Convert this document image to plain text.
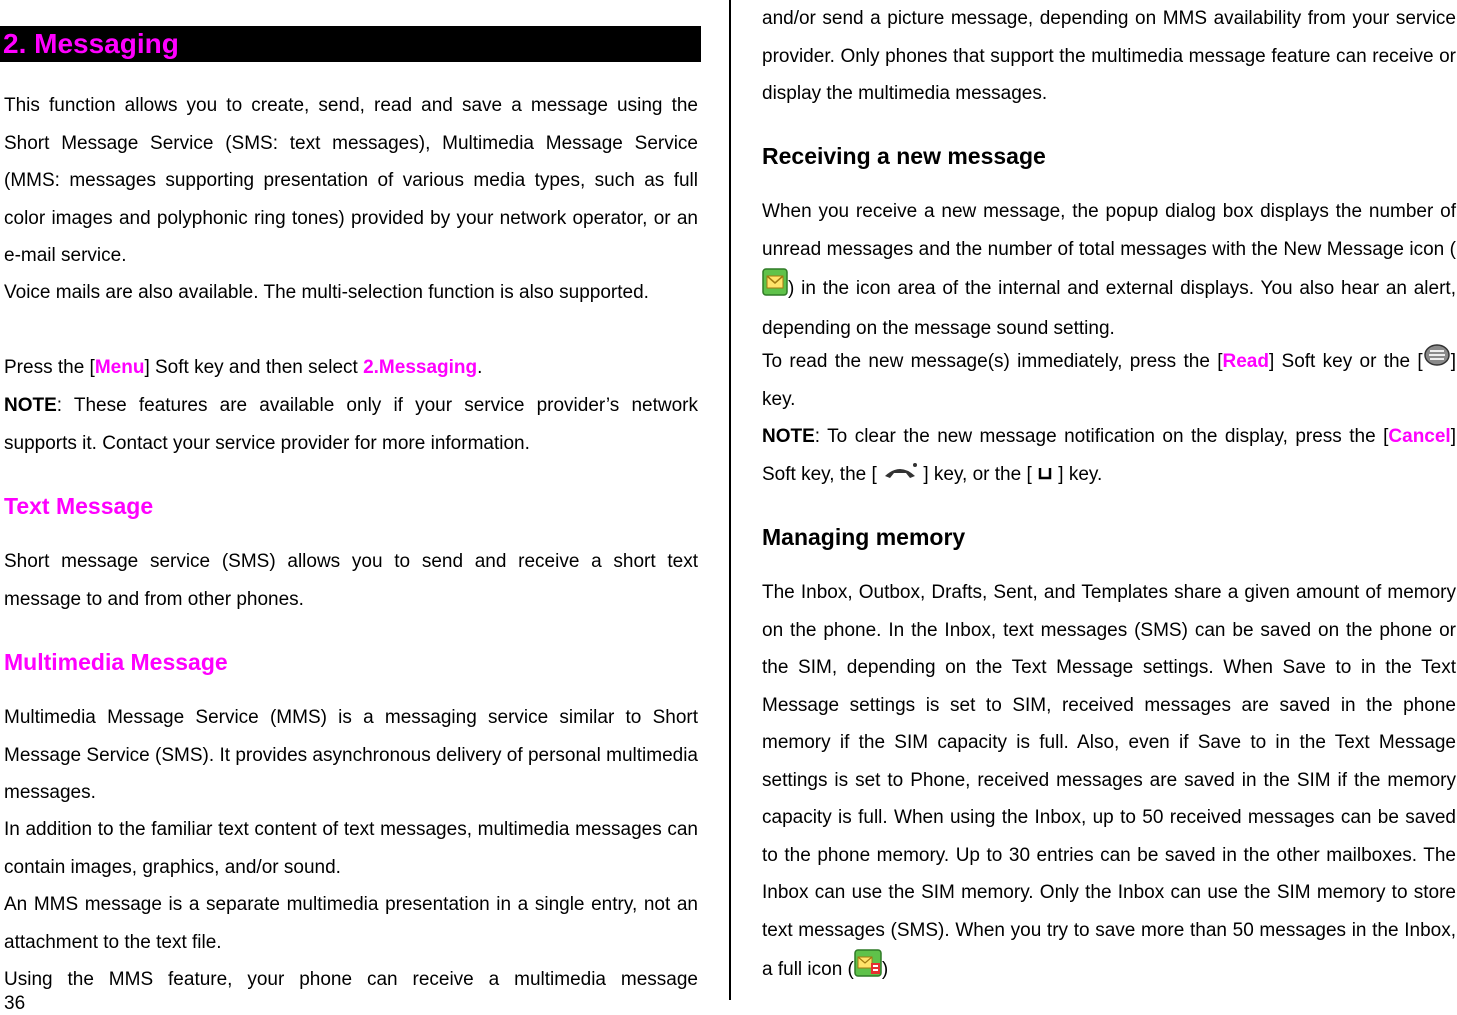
2. Messaging

This function allows you to create, send, read and save a message using the Short Message Service (SMS: text messages), Multimedia Message Service (MMS: messages supporting presentation of various media types, such as full color images and polyphonic ring tones) provided by your network operator, or an e-mail service.

Voice mails are also available. The multi-selection function is also supported.

Press the [Menu] Soft key and then select 2.Messaging.

NOTE: These features are available only if your service provider’s network supports it. Contact your service provider for more information.

Text Message

Short message service (SMS) allows you to send and receive a short text message to and from other phones.

Multimedia Message

Multimedia Message Service (MMS) is a messaging service similar to Short Message Service (SMS). It provides asynchronous delivery of personal multimedia messages.

In addition to the familiar text content of text messages, multimedia messages can contain images, graphics, and/or sound.

An MMS message is a separate multimedia presentation in a single entry, not an attachment to the text file.

Using the MMS feature, your phone can receive a multimedia message

36

and/or send a picture message, depending on MMS availability from your service provider. Only phones that support the multimedia message feature can receive or display the multimedia messages.

Receiving a new message

When you receive a new message, the popup dialog box displays the number of unread messages and the number of total messages with the New Message icon () in the icon area of the internal and external displays. You also hear an alert, depending on the message sound setting.

To read the new message(s) immediately, press the [Read] Soft key or the [ ] key.

NOTE: To clear the new message notification on the display, press the [Cancel] Soft key, the [  ] key, or the [  ] key.

Managing memory

The Inbox, Outbox, Drafts, Sent, and Templates share a given amount of memory on the phone. In the Inbox, text messages (SMS) can be saved on the phone or the SIM, depending on the Text Message settings. When Save to in the Text Message settings is set to SIM, received messages are saved in the phone memory if the SIM capacity is full. Also, even if Save to in the Text Message settings is set to Phone, received messages are saved in the SIM if the memory capacity is full. When using the Inbox, up to 50 received messages can be saved to the phone memory. Up to 30 entries can be saved in the other mailboxes. The Inbox can use the SIM memory. Only the Inbox can use the SIM memory to store text messages (SMS). When you try to save more than 50 messages in the Inbox, a full icon ( )
